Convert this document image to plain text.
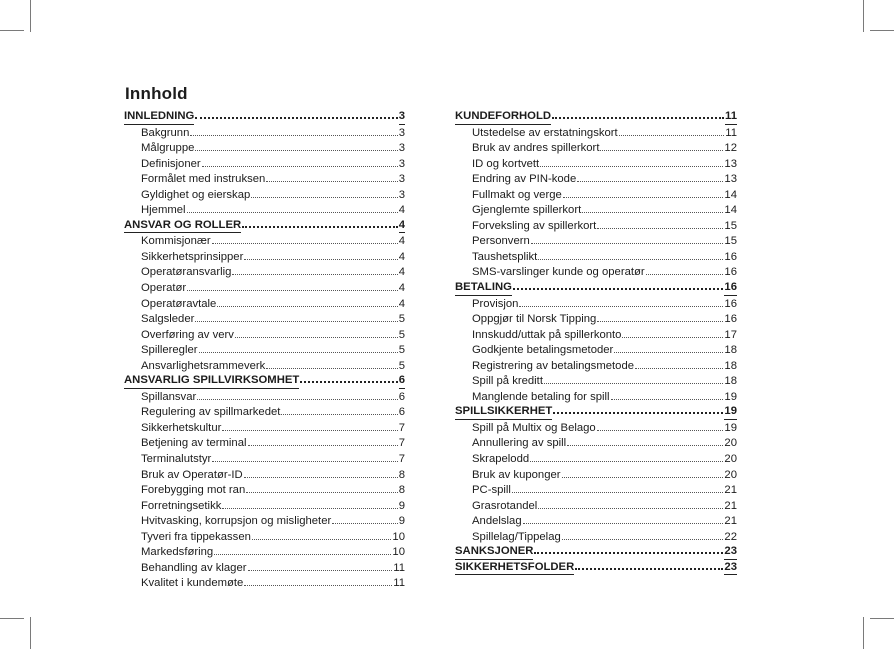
Innhold
INNLEDNING	3
Bakgrunn	3
Målgruppe	3
Definisjoner	3
Formålet med instruksen	3
Gyldighet og eierskap	3
Hjemmel	4
ANSVAR OG ROLLER	4
Kommisjonær	4
Sikkerhetsprinsipper	4
Operatøransvarlig	4
Operatør	4
Operatøravtale	4
Salgsleder	5
Overføring av verv	5
Spilleregler	5
Ansvarlighetsrammeverk	5
ANSVARLIG SPILLVIRKSOMHET	6
Spillansvar	6
Regulering av spillmarkedet	6
Sikkerhetskultur	7
Betjening av terminal	7
Terminalutstyr	7
Bruk av Operatør-ID	8
Forebygging mot ran	8
Forretningsetikk	9
Hvitvasking, korrupsjon og misligheter	9
Tyveri fra tippekassen	10
Markedsføring	10
Behandling av klager	11
Kvalitet i kundemøte	11
KUNDEFORHOLD	11
Utstedelse av erstatningskort	11
Bruk av andres spillerkort	12
ID og kortvett	13
Endring av PIN-kode	13
Fullmakt og verge	14
Gjenglemte spillerkort	14
Forveksling av spillerkort	15
Personvern	15
Taushetsplikt	16
SMS-varslinger kunde og operatør	16
BETALING	16
Provisjon	16
Oppgjør til Norsk Tipping	16
Innskudd/uttak på spillerkonto	17
Godkjente betalingsmetoder	18
Registrering av betalingsmetode	18
Spill på kreditt	18
Manglende betaling for spill	19
SPILLSIKKERHET	19
Spill på Multix og Belago	19
Annullering av spill	20
Skrapelodd	20
Bruk av kuponger	20
PC-spill	21
Grasrotandel	21
Andelslag	21
Spillelag/Tippelag	22
SANKSJONER	23
SIKKERHETSFOLDER	23
